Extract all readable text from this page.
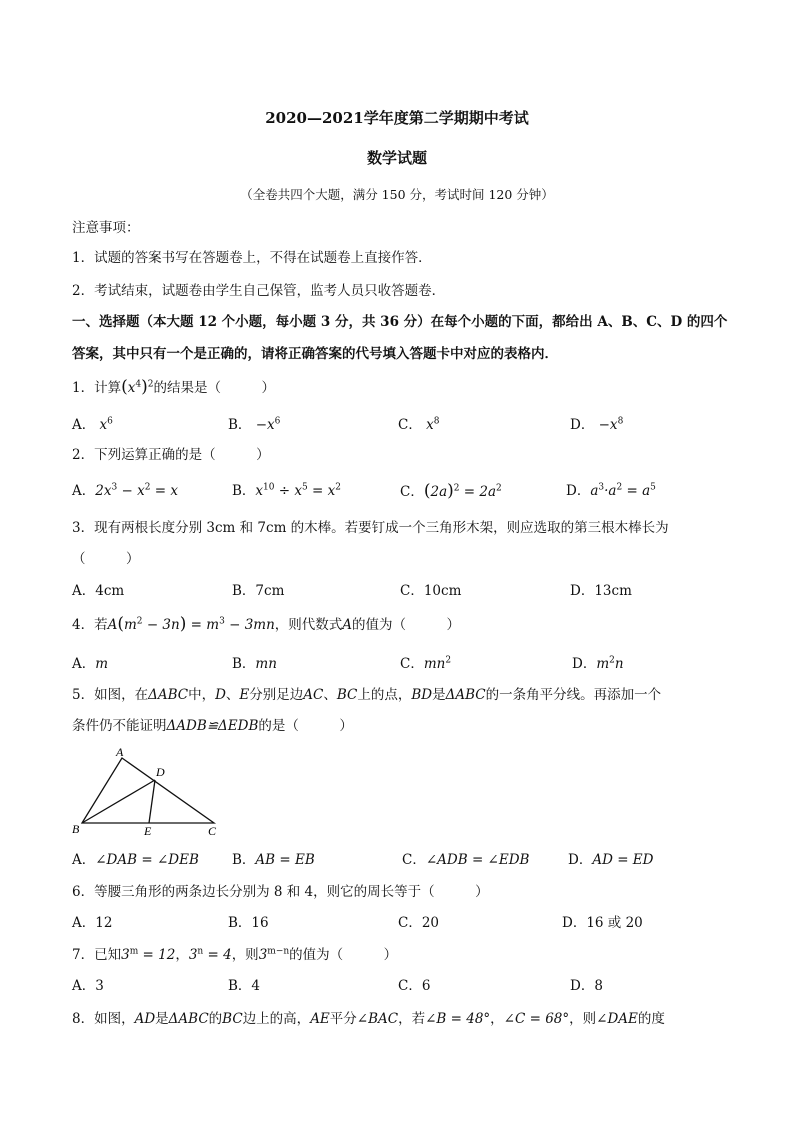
2020—2021学年度第二学期期中考试
数学试题
（全卷共四个大题，满分 150 分，考试时间 120 分钟）
注意事项：
1．试题的答案书写在答题卷上，不得在试题卷上直接作答．
2．考试结束，试题卷由学生自己保管，监考人员只收答题卷．
一、选择题（本大题 12 个小题，每小题 3 分，共 36 分）在每个小题的下面，都给出 A、B、C、D 的四个
答案，其中只有一个是正确的，请将正确答案的代号填入答题卡中对应的表格内．
1．计算$(x^4)^2$的结果是（　　　）
A． $x^6$	B． $-x^6$	C． $x^8$	D． $-x^8$
2．下列运算正确的是（　　　）
A．$2x^3 - x^2 = x$	B．$x^{10} \div x^5 = x^2$	C．$(2a)^2 = 2a^2$	D．$a^3\cdot a^2 = a^5$
3．现有两根长度分别 3cm 和 7cm 的木棒。若要钉成一个三角形木架，则应选取的第三根木棒长为
（　　　）
A．4cm	B．7cm	C．10cm	D．13cm
4．若$A(m^2 - 3n) = m^3 - 3mn$，则代数式A的值为（　　　）
A．m	B．mn	C．$mn^2$	D．$m^2n$
5．如图，在ΔABC中，D、E分别足边AC、BC上的点，BD是ΔABC的一条角平分线。再添加一个
条件仍不能证明ΔADB≌ΔEDB的是（　　　）
A
D
B	E	C
A．∠DAB = ∠DEB B．AB = EB	C．∠ADB = ∠EDB	D．AD = ED
6．等腰三角形的两条边长分别为 8 和 4，则它的周长等于（　　　）
A．12	B．16	C．20	D．16 或 20
7．已知$3^m = 12$，$3^n = 4$，则$3^{m-n}$的值为（　　　）
A．3	B．4	C．6	D．8
8．如图，AD是ΔABC的BC边上的高，AE平分∠BAC，若∠B = 48°，∠C = 68°，则∠DAE的度
